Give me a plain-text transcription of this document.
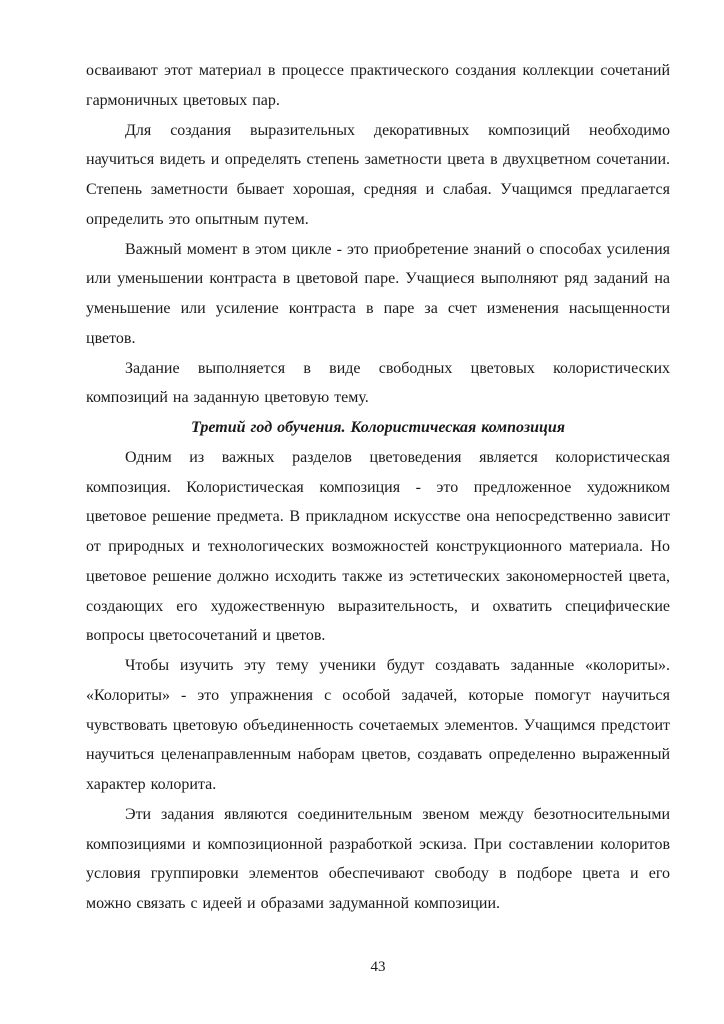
осваивают этот материал в процессе практического создания коллекции сочетаний гармоничных цветовых пар.

Для создания выразительных декоративных композиций необходимо научиться видеть и определять степень заметности цвета в двухцветном сочетании. Степень заметности бывает хорошая, средняя и слабая. Учащимся предлагается определить это опытным путем.

Важный момент в этом цикле - это приобретение знаний о способах усиления или уменьшении контраста в цветовой паре. Учащиеся выполняют ряд заданий на уменьшение или усиление контраста в паре за счет изменения насыщенности цветов.

Задание выполняется в виде свободных цветовых колористических композиций на заданную цветовую тему.

Третий год обучения. Колористическая композиция

Одним из важных разделов цветоведения является колористическая композиция. Колористическая композиция - это предложенное художником цветовое решение предмета. В прикладном искусстве она непосредственно зависит от природных и технологических возможностей конструкционного материала. Но цветовое решение должно исходить также из эстетических закономерностей цвета, создающих его художественную выразительность, и охватить специфические вопросы цветосочетаний и цветов.

Чтобы изучить эту тему ученики будут создавать заданные «колориты». «Колориты» - это упражнения с особой задачей, которые помогут научиться чувствовать цветовую объединенность сочетаемых элементов. Учащимся предстоит научиться целенаправленным наборам цветов, создавать определенно выраженный характер колорита.

Эти задания являются соединительным звеном между безотносительными композициями и композиционной разработкой эскиза. При составлении колоритов условия группировки элементов обеспечивают свободу в подборе цвета и его можно связать с идеей и образами задуманной композиции.

43
